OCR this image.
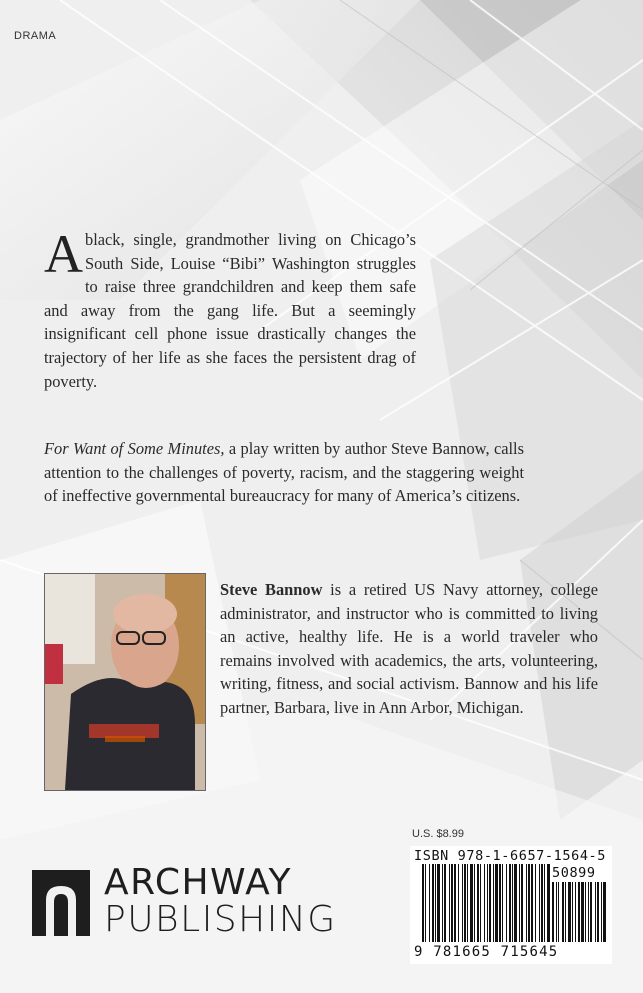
DRAMA

Ablack, single, grandmother living on Chicago’s South Side, Louise “Bibi” Washington struggles to raise three grandchildren and keep them safe and away from the gang life. But a seemingly insignificant cell phone issue drastically changes the trajectory of her life as she faces the persistent drag of poverty.

For Want of Some Minutes, a play written by author Steve Bannow, calls attention to the challenges of poverty, racism, and the staggering weight of ineffective governmental bureaucracy for many of America’s citizens.
Steve Bannow is a retired US Navy attorney, college administrator, and instructor who is committed to living an active, healthy life. He is a world traveler who remains involved with academics, the arts, volunteering, writing, fitness, and social activism. Bannow and his life partner, Barbara, live in Ann Arbor, Michigan.
U.S. $8.99
ISBN 978-1-6657-1564-5
50899
9 781665 715645
ARCHWAY
PUBLISHING
